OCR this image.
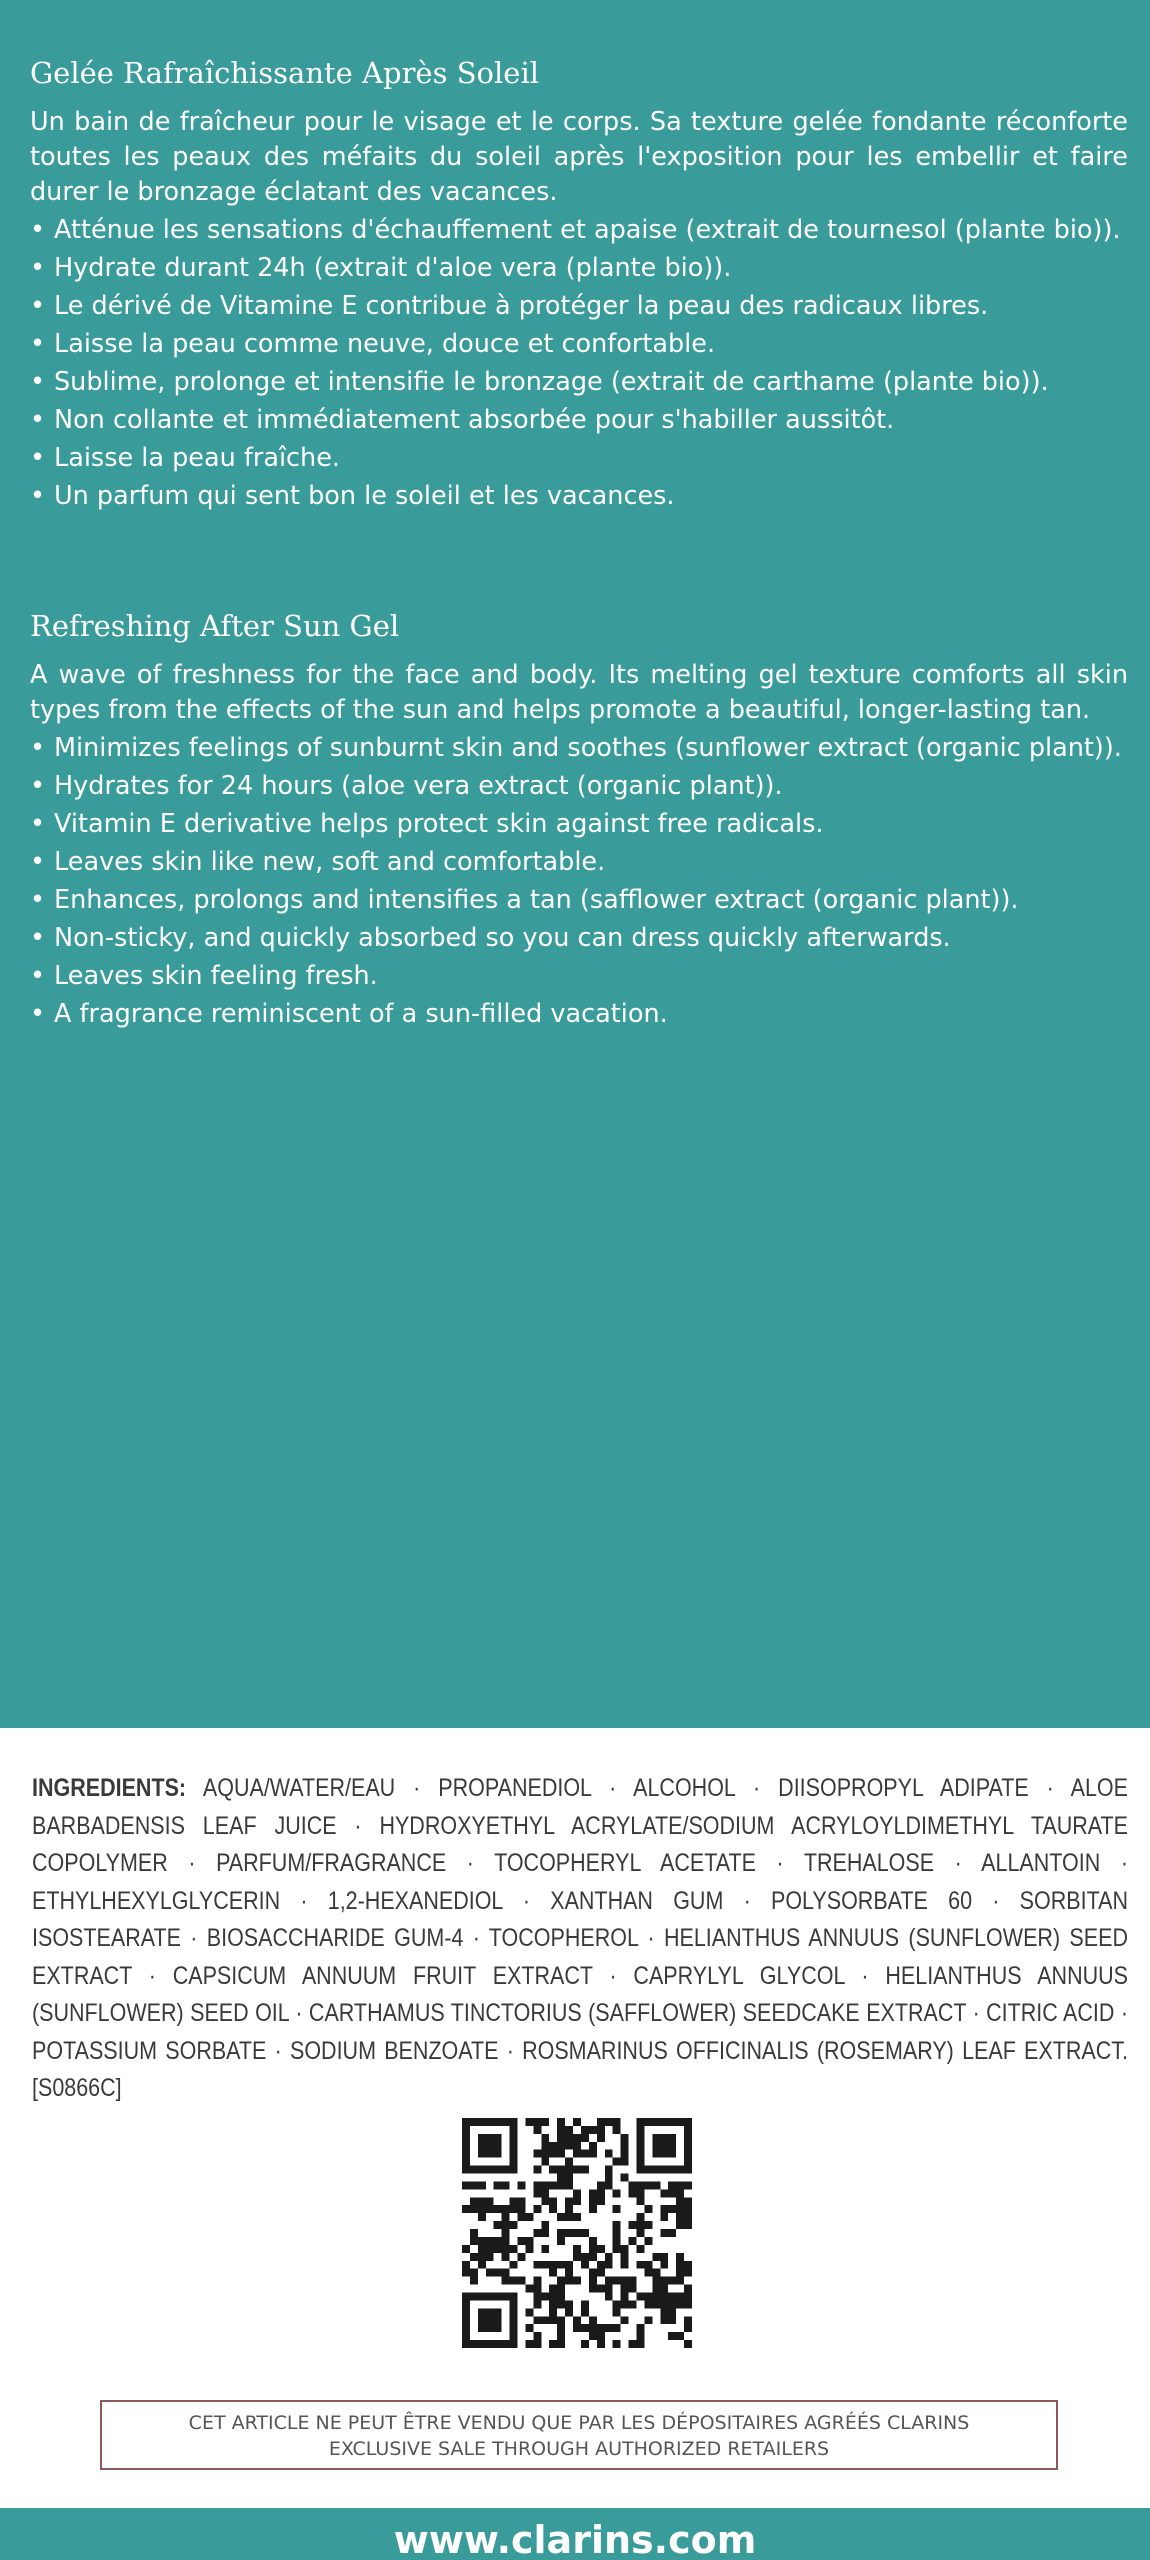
Gelée Rafraîchissante Après Soleil

Un bain de fraîcheur pour le visage et le corps. Sa texture gelée fondante réconforte toutes les peaux des méfaits du soleil après l'exposition pour les embellir et faire durer le bronzage éclatant des vacances.

• Atténue les sensations d'échauffement et apaise (extrait de tournesol (plante bio)).
• Hydrate durant 24h (extrait d'aloe vera (plante bio)).
• Le dérivé de Vitamine E contribue à protéger la peau des radicaux libres.
• Laisse la peau comme neuve, douce et confortable.
• Sublime, prolonge et intensifie le bronzage (extrait de carthame (plante bio)).
• Non collante et immédiatement absorbée pour s'habiller aussitôt.
• Laisse la peau fraîche.
• Un parfum qui sent bon le soleil et les vacances.
Refreshing After Sun Gel

A wave of freshness for the face and body. Its melting gel texture comforts all skin types from the effects of the sun and helps promote a beautiful, longer-lasting tan.

• Minimizes feelings of sunburnt skin and soothes (sunflower extract (organic plant)).
• Hydrates for 24 hours (aloe vera extract (organic plant)).
• Vitamin E derivative helps protect skin against free radicals.
• Leaves skin like new, soft and comfortable.
• Enhances, prolongs and intensifies a tan (safflower extract (organic plant)).
• Non-sticky, and quickly absorbed so you can dress quickly afterwards.
• Leaves skin feeling fresh.
• A fragrance reminiscent of a sun-filled vacation.
INGREDIENTS: AQUA/WATER/EAU · PROPANEDIOL · ALCOHOL · DIISOPROPYL ADIPATE · ALOE BARBADENSIS LEAF JUICE · HYDROXYETHYL ACRYLATE/SODIUM ACRYLOYLDIMETHYL TAURATE COPOLYMER · PARFUM/FRAGRANCE · TOCOPHERYL ACETATE · TREHALOSE · ALLANTOIN · ETHYLHEXYLGLYCERIN · 1,2-HEXANEDIOL · XANTHAN GUM · POLYSORBATE 60 · SORBITAN ISOSTEARATE · BIOSACCHARIDE GUM-4 · TOCOPHEROL · HELIANTHUS ANNUUS (SUNFLOWER) SEED EXTRACT · CAPSICUM ANNUUM FRUIT EXTRACT · CAPRYLYL GLYCOL · HELIANTHUS ANNUUS (SUNFLOWER) SEED OIL · CARTHAMUS TINCTORIUS (SAFFLOWER) SEEDCAKE EXTRACT · CITRIC ACID · POTASSIUM SORBATE · SODIUM BENZOATE · ROSMARINUS OFFICINALIS (ROSEMARY) LEAF EXTRACT. [S0866C]
CET ARTICLE NE PEUT ÊTRE VENDU QUE PAR LES DÉPOSITAIRES AGRÉÉS CLARINS
EXCLUSIVE SALE THROUGH AUTHORIZED RETAILERS
www.clarins.com
